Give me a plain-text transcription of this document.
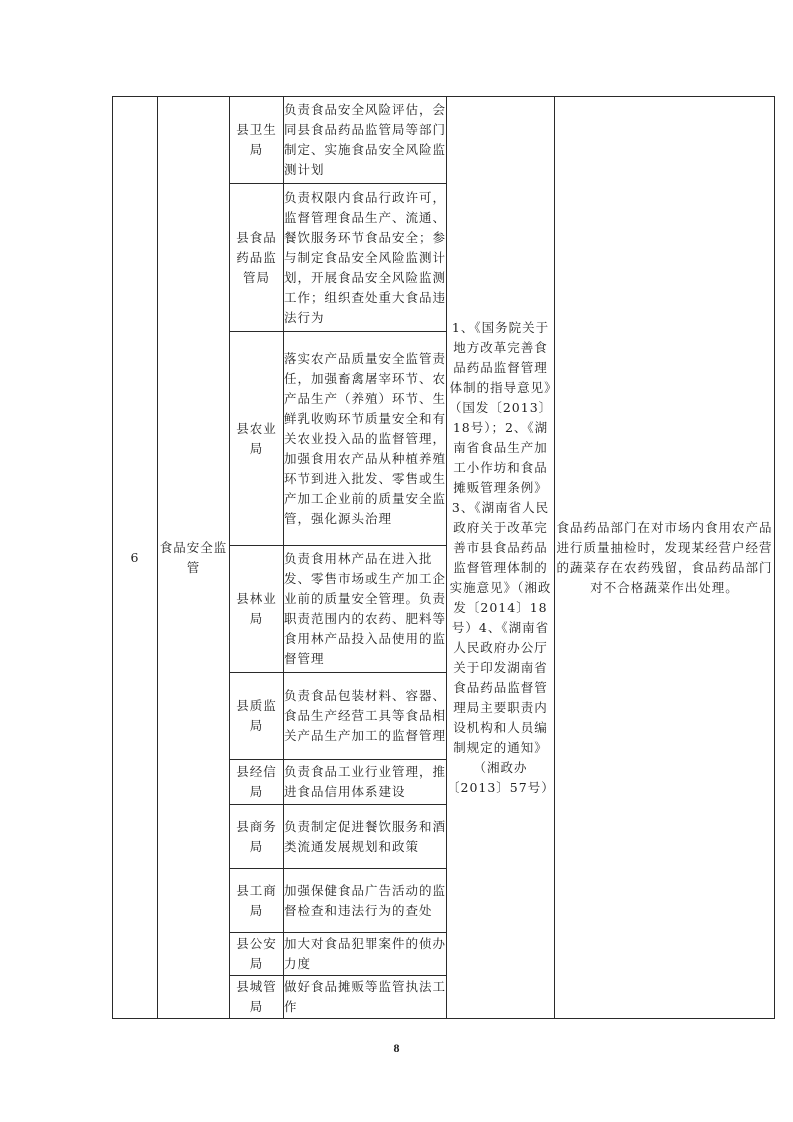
6	食品安全监管	县卫生局	负责食品安全风险评估，会同县食品药品监管局等部门制定、实施食品安全风险监测计划	1、《国务院关于地方改革完善食品药品监督管理体制的指导意见》（国发〔2013〕18号）；2、《湖南省食品生产加工小作坊和食品摊贩管理条例》3、《湖南省人民政府关于改革完善市县食品药品监督管理体制的实施意见》（湘政发〔2014〕18号）4、《湖南省人民政府办公厅关于印发湖南省食品药品监督管理局主要职责内设机构和人员编制规定的通知》（湘政办〔2013〕57号）	食品药品部门在对市场内食用农产品进行质量抽检时，发现某经营户经营的蔬菜存在农药残留，食品药品部门对不合格蔬菜作出处理。
		县食品药品监管局	负责权限内食品行政许可，监督管理食品生产、流通、餐饮服务环节食品安全；参与制定食品安全风险监测计划，开展食品安全风险监测工作；组织查处重大食品违法行为		
		县农业局	落实农产品质量安全监管责任，加强畜禽屠宰环节、农产品生产（养殖）环节、生鲜乳收购环节质量安全和有关农业投入品的监督管理，加强食用农产品从种植养殖环节到进入批发、零售或生产加工企业前的质量安全监管，强化源头治理		
		县林业局	负责食用林产品在进入批发、零售市场或生产加工企业前的质量安全管理。负责职责范围内的农药、肥料等食用林产品投入品使用的监督管理		
		县质监局	负责食品包装材料、容器、食品生产经营工具等食品相关产品生产加工的监督管理		
		县经信局	负责食品工业行业管理，推进食品信用体系建设		
		县商务局	负责制定促进餐饮服务和酒类流通发展规划和政策		
		县工商局	加强保健食品广告活动的监督检查和违法行为的查处		
		县公安局	加大对食品犯罪案件的侦办力度		
		县城管局	做好食品摊贩等监管执法工作		
8
